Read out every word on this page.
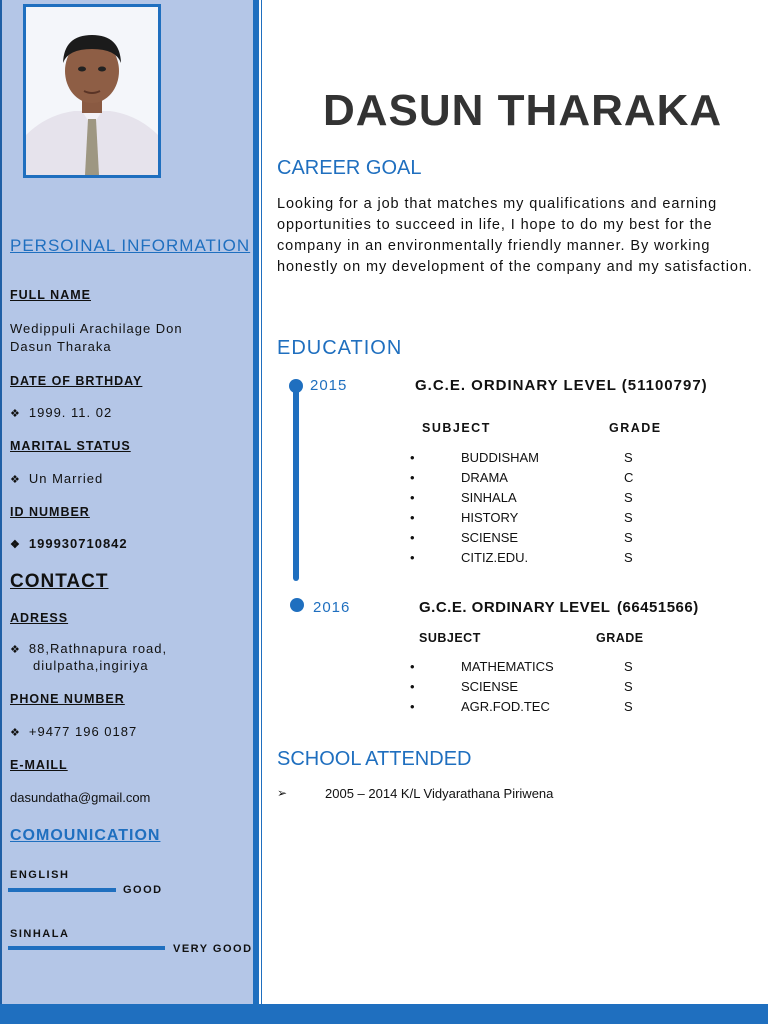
PERSOINAL INFORMATION
FULL NAME
Wedippuli Arachilage Don
Dasun Tharaka
DATE OF BRTHDAY
❖ 1999. 11. 02
MARITAL STATUS
❖ Un Married
ID NUMBER
❖ 199930710842
CONTACT
ADRESS
❖ 88,Rathnapura road,
diulpatha,ingiriya
PHONE NUMBER
❖ +9477 196 0187
E-MAILL
dasundatha@gmail.com
COMOUNICATION
ENGLISH
GOOD
SINHALA
VERY GOOD
DASUN THARAKA
CAREER GOAL
Looking for a job that matches my qualifications and earning opportunities to succeed in life, I hope to do my best for the company in an environmentally friendly manner. By working honestly on my development of the company and my satisfaction.
EDUCATION
2015	G.C.E. ORDINARY LEVEL (51100797)
SUBJECT	GRADE
•	BUDDISHAM	S
•	DRAMA	C
•	SINHALA	S
•	HISTORY	S
•	SCIENSE	S
•	CITIZ.EDU.	S
2016	G.C.E. ORDINARY LEVEL (66451566)
SUBJECT	GRADE
•	MATHEMATICS	S
•	SCIENSE	S
•	AGR.FOD.TEC	S
SCHOOL ATTENDED
➢	2005 – 2014 K/L Vidyarathana Piriwena
